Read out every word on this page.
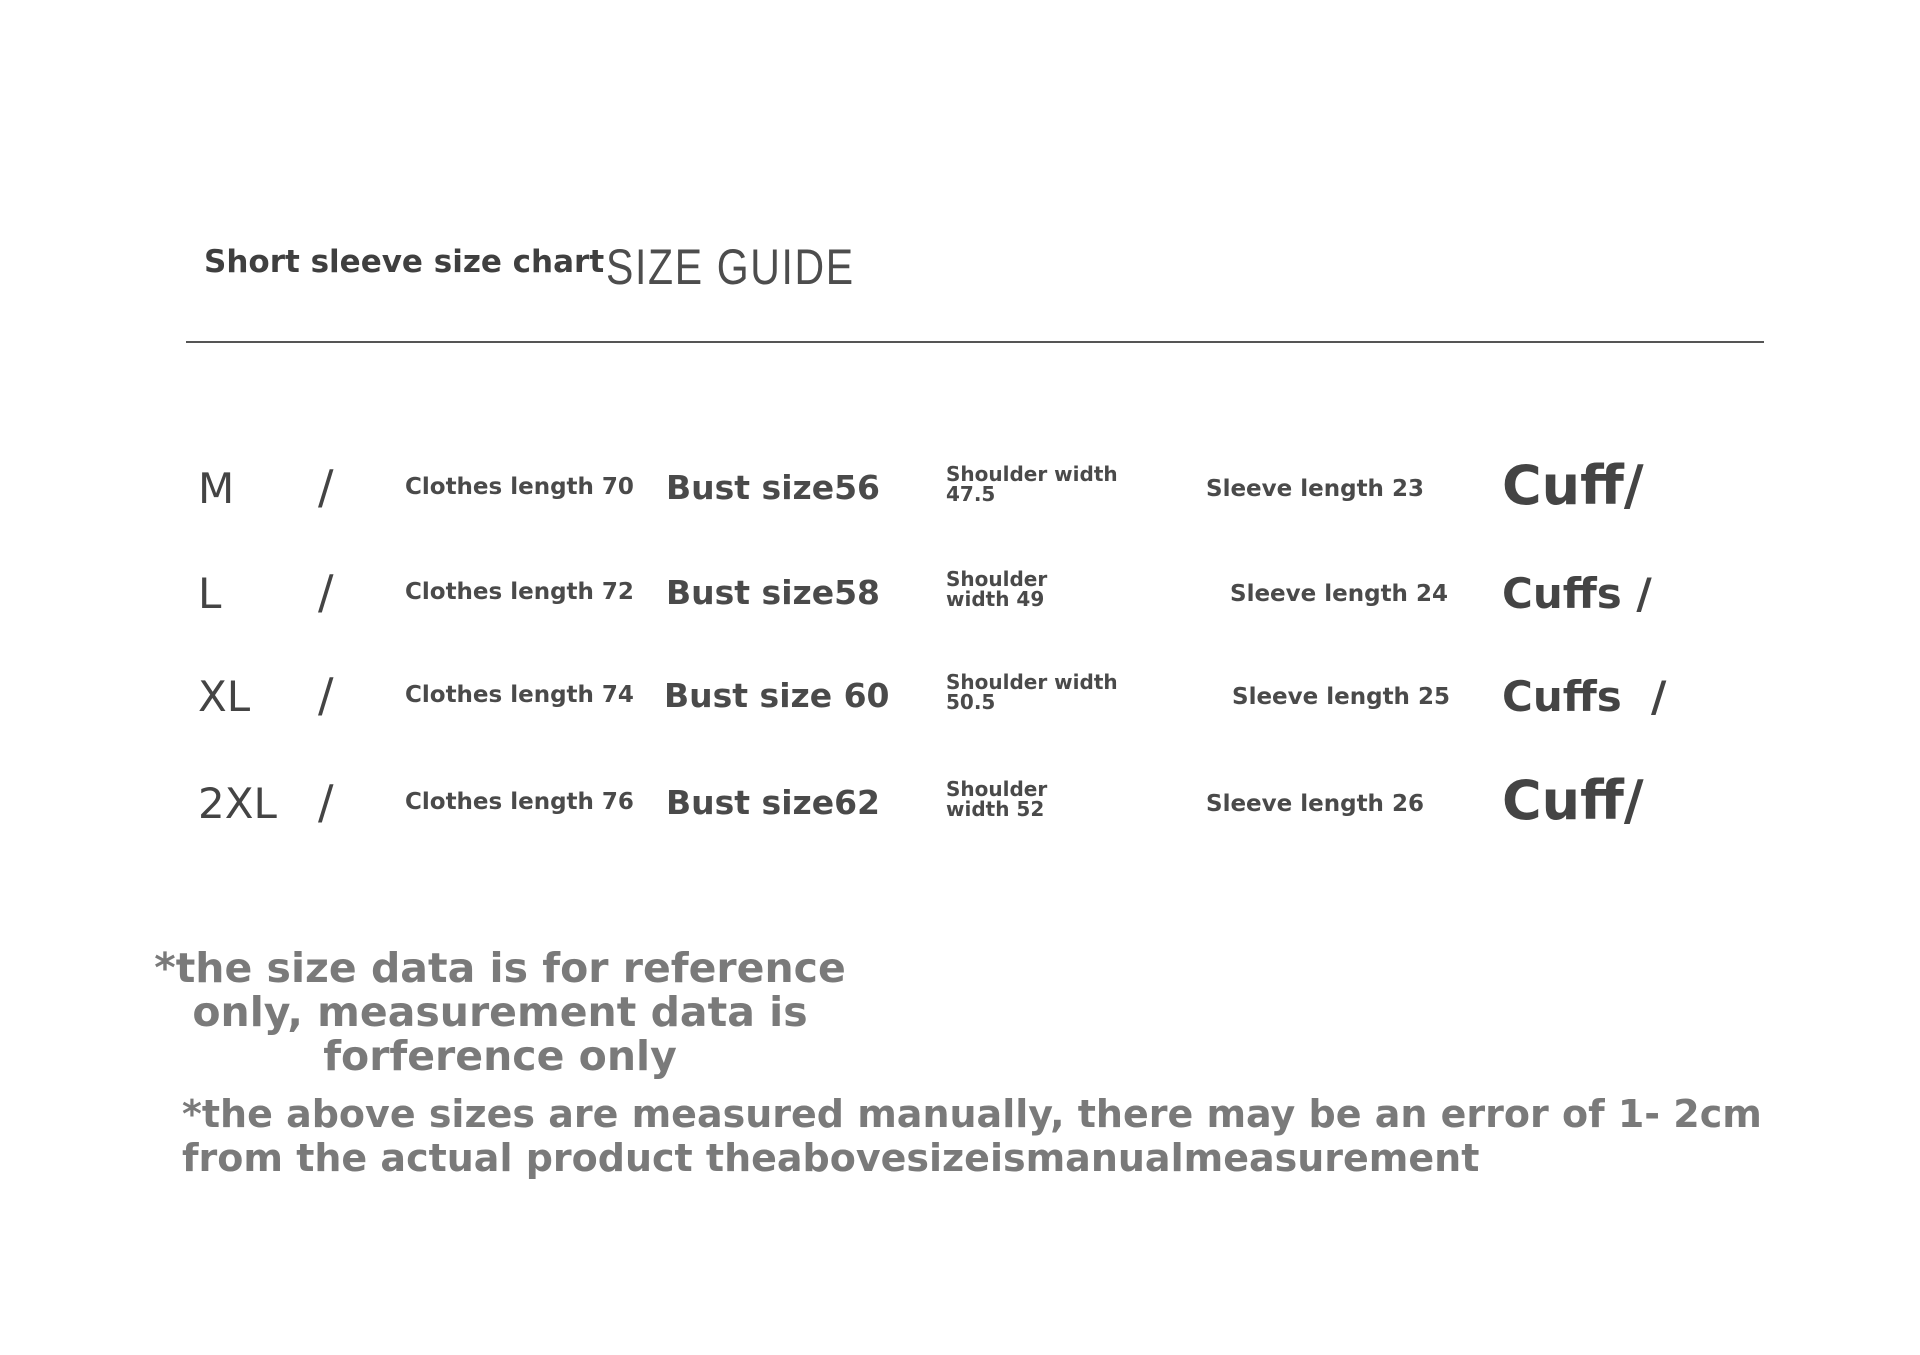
Short sleeve size chart SIZE GUIDE
M /	Clothes length 70 Bust size56	Shoulder width 47.5	Sleeve length 23 Cuff/
L /	Clothes length 72 Bust size58	Shoulder width 49	Sleeve length 24 Cuffs /
XL /	Clothes length 74 Bust size 60	Shoulder width 50.5	Sleeve length 25 Cuffs  /
2XL /	Clothes length 76 Bust size62	Shoulder width 52	Sleeve length 26 Cuff/
*the size data is for reference only, measurement data is forference only
*the above sizes are measured manually, there may be an error of 1- 2cm from the actual product theabovesizeismanualmeasurement
